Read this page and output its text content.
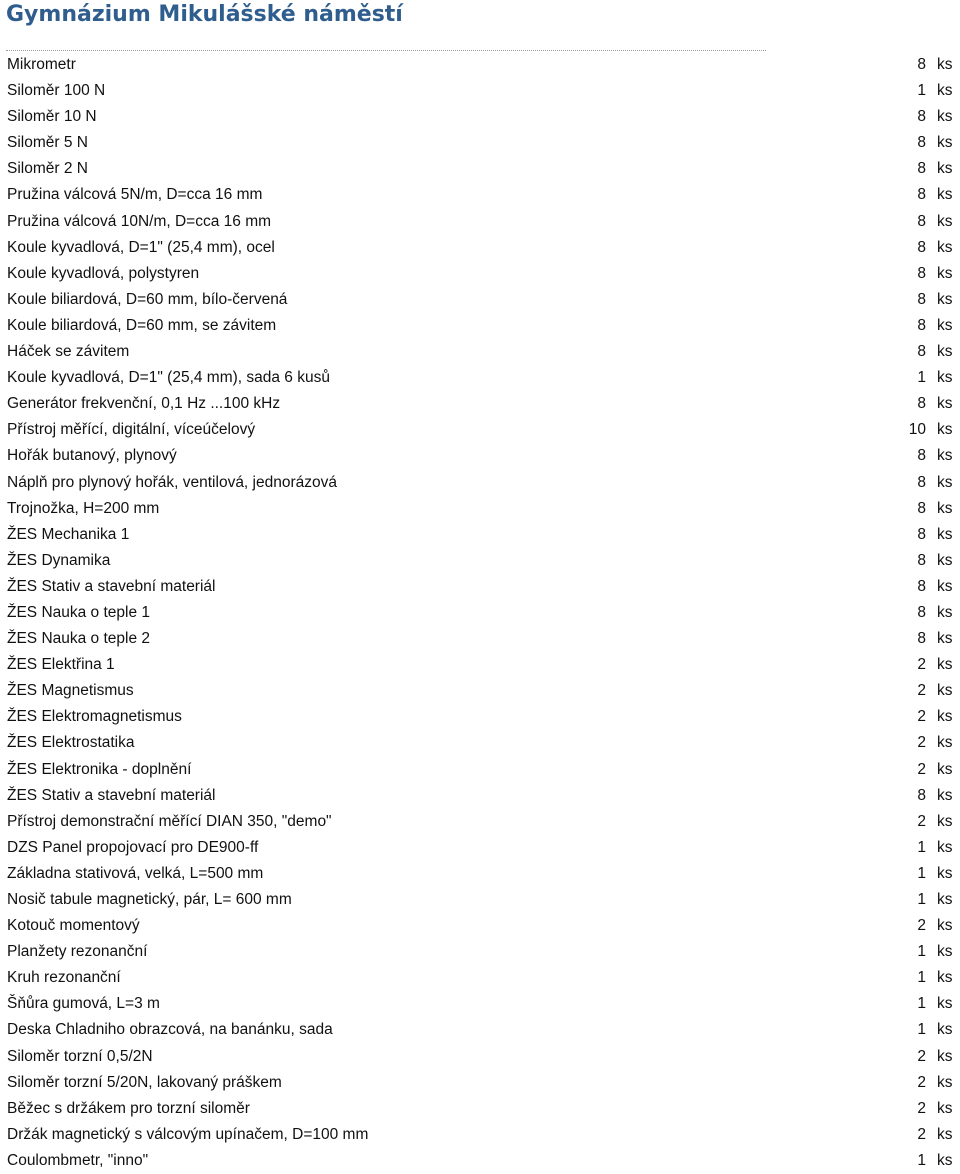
Gymnázium Mikulášské náměstí
Mikrometr	8 ks
Siloměr 100 N	1 ks
Siloměr 10 N	8 ks
Siloměr 5 N	8 ks
Siloměr 2 N	8 ks
Pružina válcová 5N/m, D=cca 16 mm	8 ks
Pružina válcová 10N/m, D=cca 16 mm	8 ks
Koule kyvadlová, D=1" (25,4 mm), ocel	8 ks
Koule kyvadlová, polystyren	8 ks
Koule biliardová, D=60 mm, bílo-červená	8 ks
Koule biliardová, D=60 mm, se závitem	8 ks
Háček se závitem	8 ks
Koule kyvadlová, D=1" (25,4 mm), sada 6 kusů	1 ks
Generátor frekvenční, 0,1 Hz ...100 kHz	8 ks
Přístroj měřící, digitální, víceúčelový	10 ks
Hořák butanový, plynový	8 ks
Náplň pro plynový hořák, ventilová, jednorázová	8 ks
Trojnožka, H=200 mm	8 ks
ŽES Mechanika 1	8 ks
ŽES Dynamika	8 ks
ŽES Stativ a stavební materiál	8 ks
ŽES Nauka o teple 1	8 ks
ŽES Nauka o teple 2	8 ks
ŽES Elektřina 1	2 ks
ŽES Magnetismus	2 ks
ŽES Elektromagnetismus	2 ks
ŽES Elektrostatika	2 ks
ŽES Elektronika - doplnění	2 ks
ŽES Stativ a stavební materiál	8 ks
Přístroj demonstrační měřící DIAN 350, "demo"	2 ks
DZS Panel propojovací pro DE900-ff	1 ks
Základna stativová, velká, L=500 mm	1 ks
Nosič tabule magnetický, pár, L= 600 mm	1 ks
Kotouč momentový	2 ks
Planžety rezonanční	1 ks
Kruh rezonanční	1 ks
Šňůra gumová, L=3 m	1 ks
Deska Chladniho obrazcová, na banánku, sada	1 ks
Siloměr torzní 0,5/2N	2 ks
Siloměr torzní 5/20N, lakovaný práškem	2 ks
Běžec s držákem pro torzní siloměr	2 ks
Držák magnetický s válcovým upínačem, D=100 mm	2 ks
Coulombmetr, "inno"	1 ks
